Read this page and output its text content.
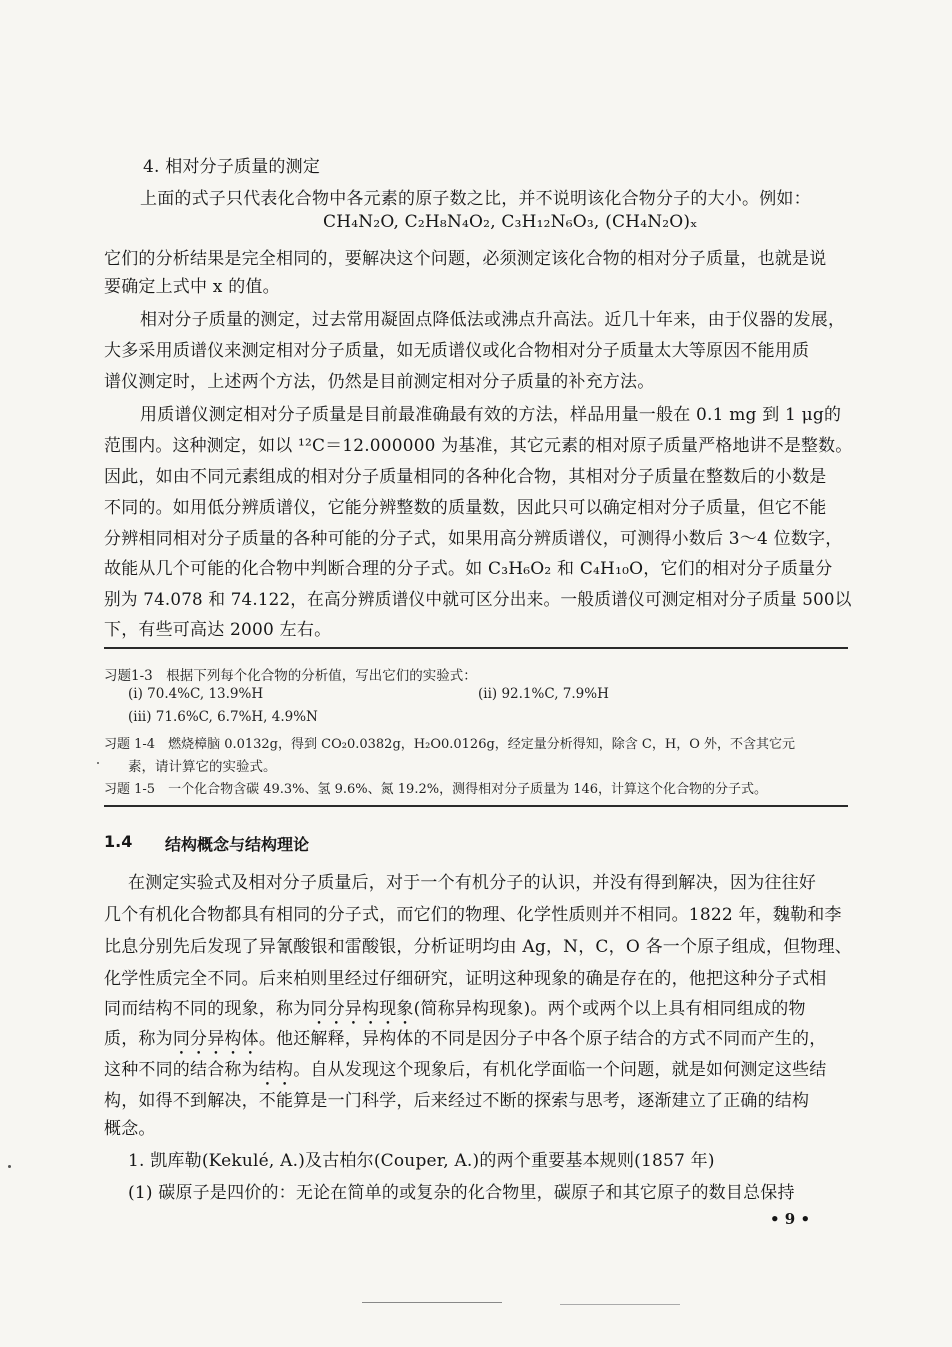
4. 相对分子质量的测定
上面的式子只代表化合物中各元素的原子数之比，并不说明该化合物分子的大小。例如：
CH₄N₂O, C₂H₈N₄O₂, C₃H₁₂N₆O₃, (CH₄N₂O)ₓ
它们的分析结果是完全相同的，要解决这个问题，必须测定该化合物的相对分子质量，也就是说
要确定上式中 x 的值。
相对分子质量的测定，过去常用凝固点降低法或沸点升高法。近几十年来，由于仪器的发展，
大多采用质谱仪来测定相对分子质量，如无质谱仪或化合物相对分子质量太大等原因不能用质
谱仪测定时，上述两个方法，仍然是目前测定相对分子质量的补充方法。
用质谱仪测定相对分子质量是目前最准确最有效的方法，样品用量一般在 0.1 mg 到 1 μg的
范围内。这种测定，如以 ¹²C＝12.000000 为基准，其它元素的相对原子质量严格地讲不是整数。
因此，如由不同元素组成的相对分子质量相同的各种化合物，其相对分子质量在整数后的小数是
不同的。如用低分辨质谱仪，它能分辨整数的质量数，因此只可以确定相对分子质量，但它不能
分辨相同相对分子质量的各种可能的分子式，如果用高分辨质谱仪，可测得小数后 3～4 位数字，
故能从几个可能的化合物中判断合理的分子式。如 C₃H₆O₂ 和 C₄H₁₀O，它们的相对分子质量分
别为 74.078 和 74.122，在高分辨质谱仪中就可区分出来。一般质谱仪可测定相对分子质量 500以
下，有些可高达 2000 左右。
习题1-3　根据下列每个化合物的分析值，写出它们的实验式：
(i) 70.4%C, 13.9%H	(ii) 92.1%C, 7.9%H
(iii) 71.6%C, 6.7%H, 4.9%N
习题 1-4　燃烧樟脑 0.0132g，得到 CO₂0.0382g，H₂O0.0126g，经定量分析得知，除含 C，H，O 外，不含其它元
素，请计算它的实验式。
习题 1-5　一个化合物含碳 49.3%、氢 9.6%、氮 19.2%，测得相对分子质量为 146，计算这个化合物的分子式。
1.4 结构概念与结构理论
在测定实验式及相对分子质量后，对于一个有机分子的认识，并没有得到解决，因为往往好
几个有机化合物都具有相同的分子式，而它们的物理、化学性质则并不相同。1822 年，魏勒和李
比息分别先后发现了异氰酸银和雷酸银，分析证明均由 Ag，N，C，O 各一个原子组成，但物理、
化学性质完全不同。后来柏则里经过仔细研究，证明这种现象的确是存在的，他把这种分子式相
同而结构不同的现象，称为同分异构现象(简称异构现象)。两个或两个以上具有相同组成的物
质，称为同分异构体。他还解释，异构体的不同是因分子中各个原子结合的方式不同而产生的，
这种不同的结合称为结构。自从发现这个现象后，有机化学面临一个问题，就是如何测定这些结
构，如得不到解决，不能算是一门科学，后来经过不断的探索与思考，逐渐建立了正确的结构
概念。
1. 凯库勒(Kekulé, A.)及古柏尔(Couper, A.)的两个重要基本规则(1857 年)
(1) 碳原子是四价的：无论在简单的或复杂的化合物里，碳原子和其它原子的数目总保持
• 9 •
